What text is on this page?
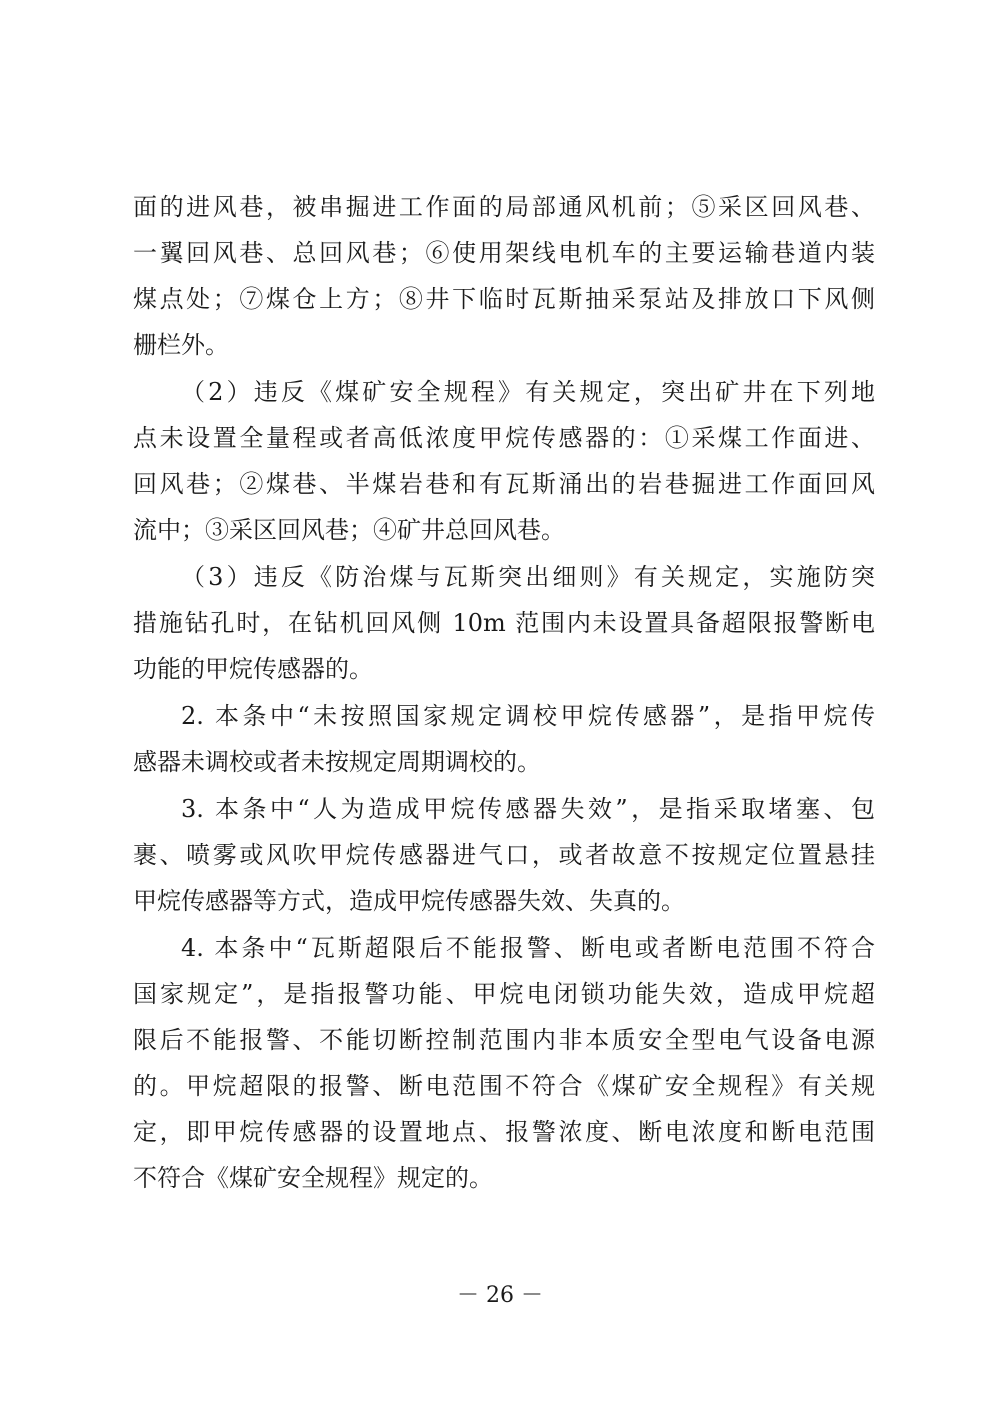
面的进风巷，被串掘进工作面的局部通风机前；⑤采区回风巷、
一翼回风巷、总回风巷；⑥使用架线电机车的主要运输巷道内装
煤点处；⑦煤仓上方；⑧井下临时瓦斯抽采泵站及排放口下风侧
栅栏外。
（2）违反《煤矿安全规程》有关规定，突出矿井在下列地
点未设置全量程或者高低浓度甲烷传感器的：①采煤工作面进、
回风巷；②煤巷、半煤岩巷和有瓦斯涌出的岩巷掘进工作面回风
流中；③采区回风巷；④矿井总回风巷。
（3）违反《防治煤与瓦斯突出细则》有关规定，实施防突
措施钻孔时，在钻机回风侧 10m 范围内未设置具备超限报警断电
功能的甲烷传感器的。
2. 本条中“未按照国家规定调校甲烷传感器”，是指甲烷传
感器未调校或者未按规定周期调校的。
3. 本条中“人为造成甲烷传感器失效”，是指采取堵塞、包
裹、喷雾或风吹甲烷传感器进气口，或者故意不按规定位置悬挂
甲烷传感器等方式，造成甲烷传感器失效、失真的。
4. 本条中“瓦斯超限后不能报警、断电或者断电范围不符合
国家规定”，是指报警功能、甲烷电闭锁功能失效，造成甲烷超
限后不能报警、不能切断控制范围内非本质安全型电气设备电源
的。甲烷超限的报警、断电范围不符合《煤矿安全规程》有关规
定，即甲烷传感器的设置地点、报警浓度、断电浓度和断电范围
不符合《煤矿安全规程》规定的。
－ 26 －
